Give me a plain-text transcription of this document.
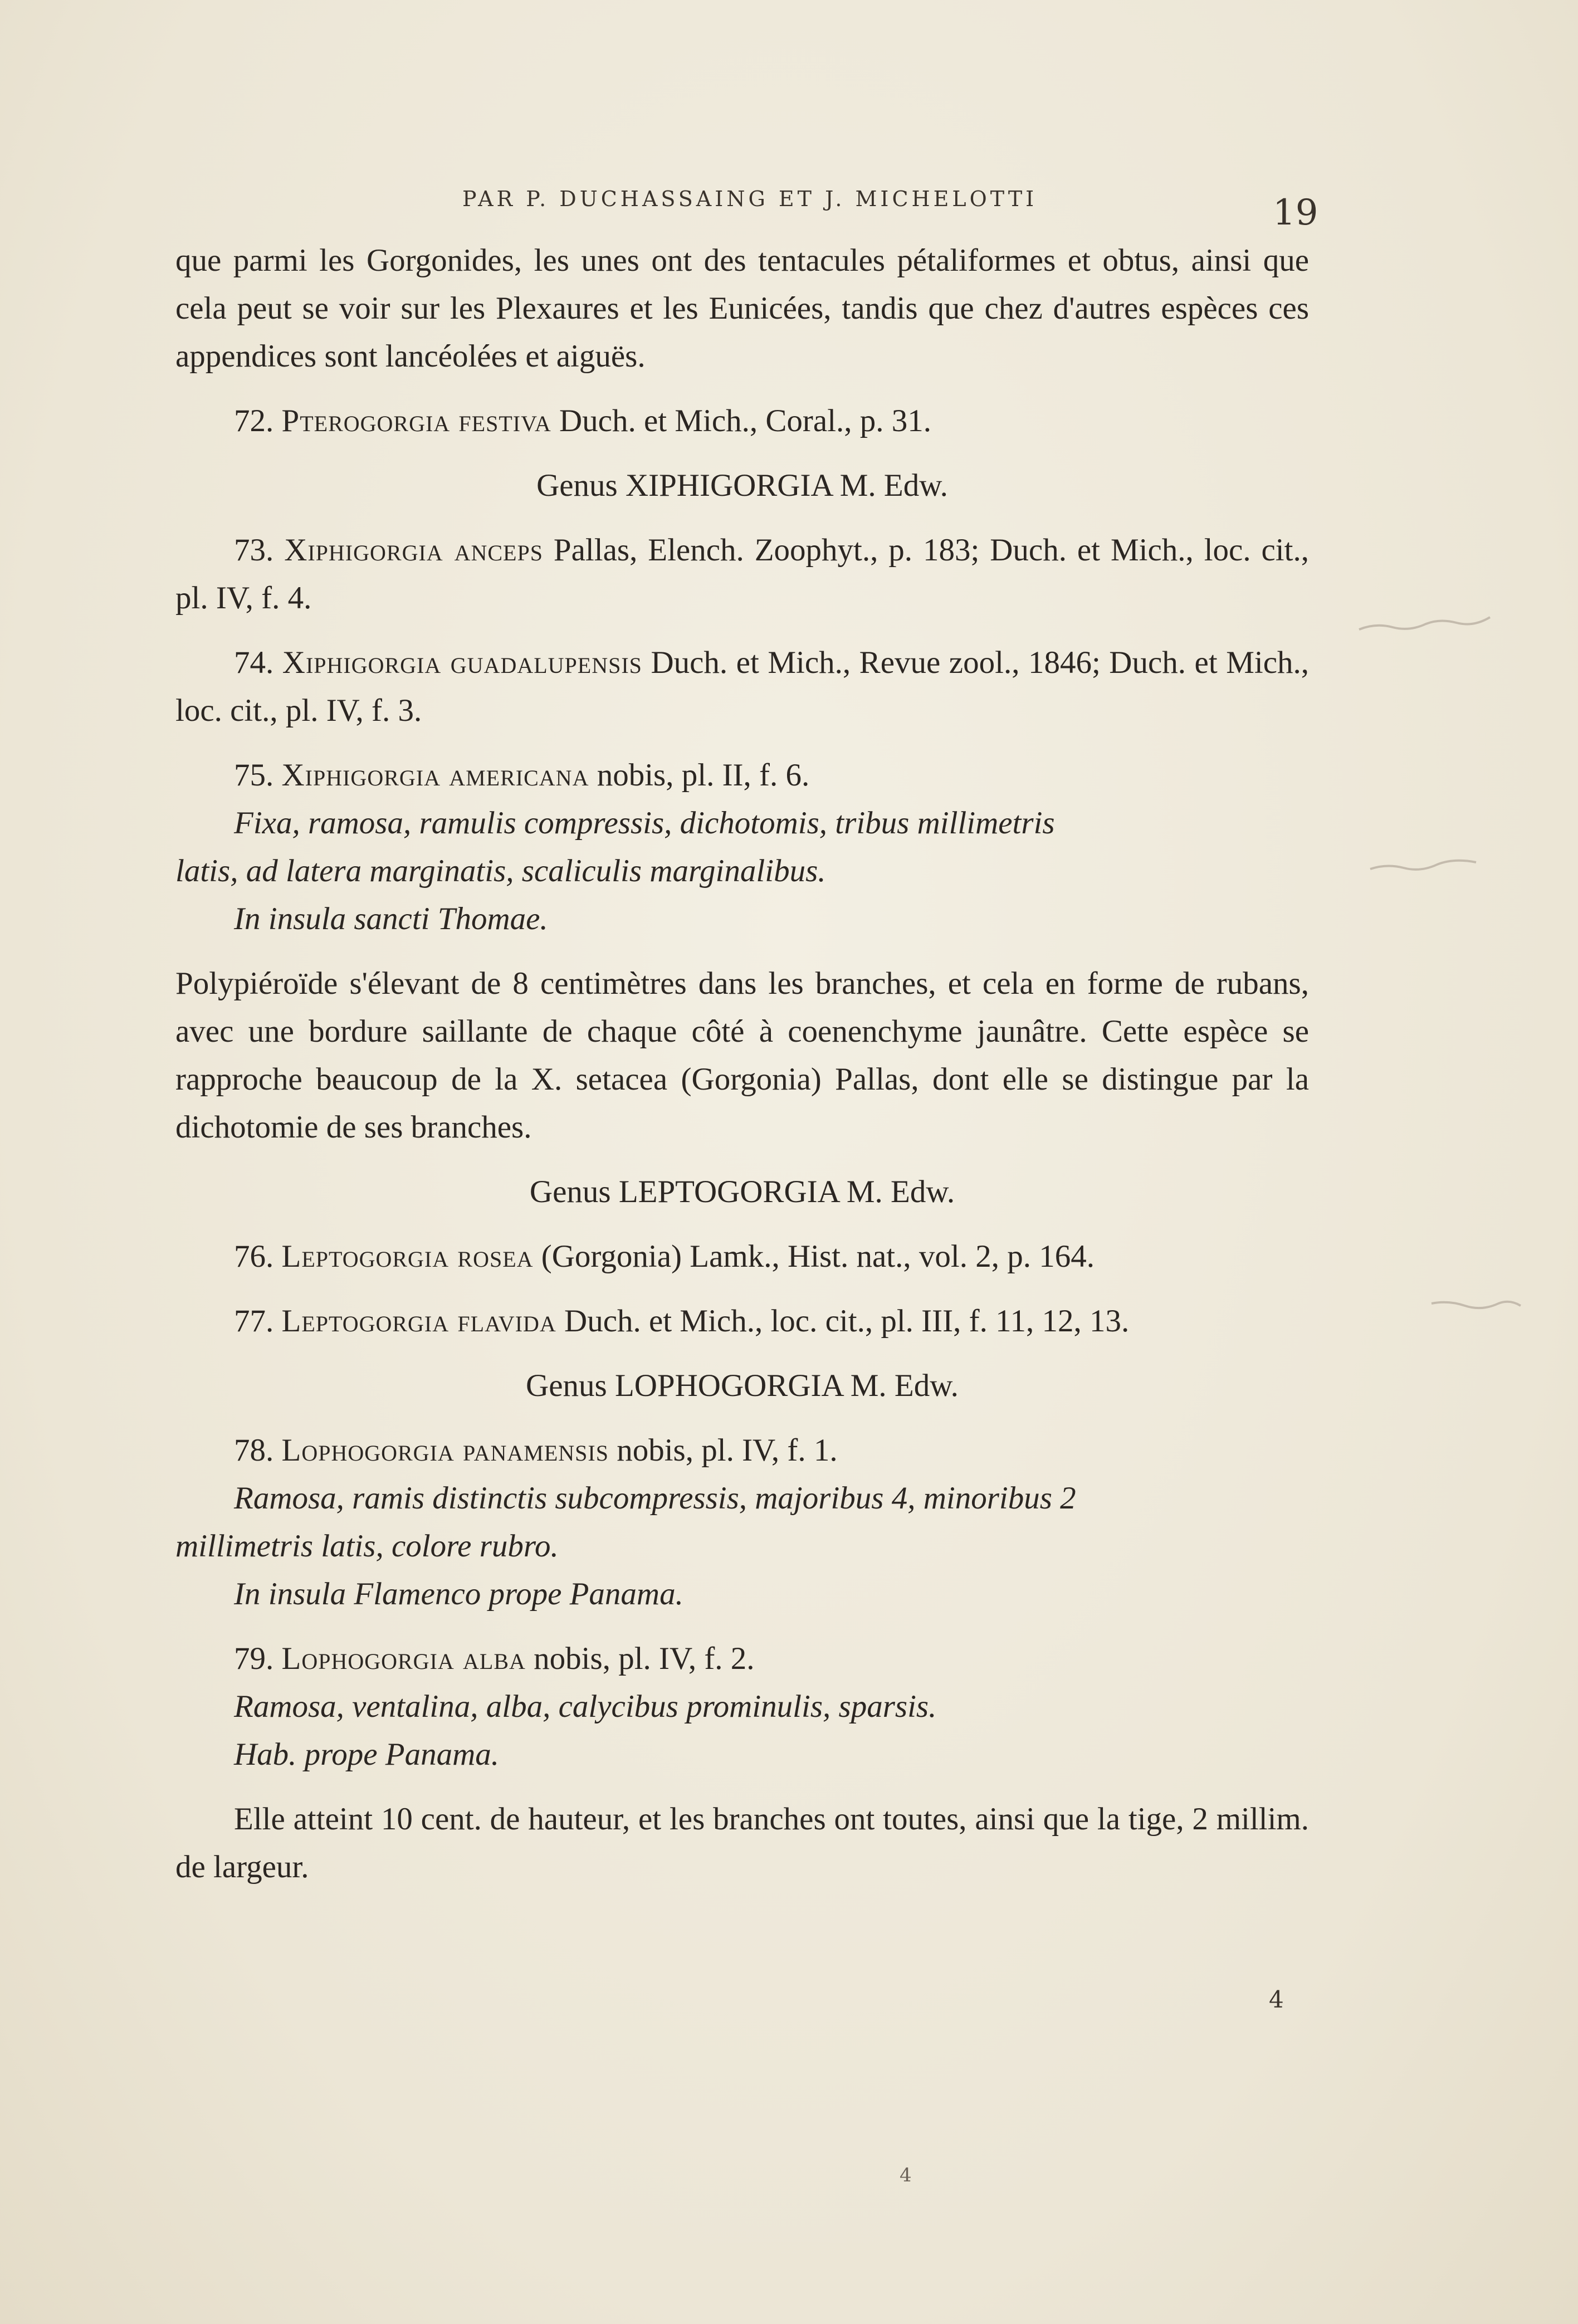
PAR P. DUCHASSAING ET J. MICHELOTTI	19

que parmi les Gorgonides, les unes ont des tentacules pétaliformes et obtus, ainsi que cela peut se voir sur les Plexaures et les Eunicées, tandis que chez d'autres espèces ces appendices sont lancéolées et aiguës.

72. Pterogorgia festiva Duch. et Mich., Coral., p. 31.

Genus XIPHIGORGIA M. Edw.

73. Xiphigorgia anceps Pallas, Elench. Zoophyt., p. 183; Duch. et Mich., loc. cit., pl. IV, f. 4.

74. Xiphigorgia guadalupensis Duch. et Mich., Revue zool., 1846; Duch. et Mich., loc. cit., pl. IV, f. 3.

75. Xiphigorgia americana nobis, pl. II, f. 6.

Fixa, ramosa, ramulis compressis, dichotomis, tribus millimetris

latis, ad latera marginatis, scaliculis marginalibus.

In insula sancti Thomae.

Polypiéroïde s'élevant de 8 centimètres dans les branches, et cela en forme de rubans, avec une bordure saillante de chaque côté à coenenchyme jaunâtre. Cette espèce se rapproche beaucoup de la X. setacea (Gorgonia) Pallas, dont elle se distingue par la dichotomie de ses branches.

Genus LEPTOGORGIA M. Edw.

76. Leptogorgia rosea (Gorgonia) Lamk., Hist. nat., vol. 2, p. 164.

77. Leptogorgia flavida Duch. et Mich., loc. cit., pl. III, f. 11, 12, 13.

Genus LOPHOGORGIA M. Edw.

78. Lophogorgia panamensis nobis, pl. IV, f. 1.

Ramosa, ramis distinctis subcompressis, majoribus 4, minoribus 2

millimetris latis, colore rubro.

In insula Flamenco prope Panama.

79. Lophogorgia alba nobis, pl. IV, f. 2.

Ramosa, ventalina, alba, calycibus prominulis, sparsis.

Hab. prope Panama.

Elle atteint 10 cent. de hauteur, et les branches ont toutes, ainsi que la tige, 2 millim. de largeur.

4
4
